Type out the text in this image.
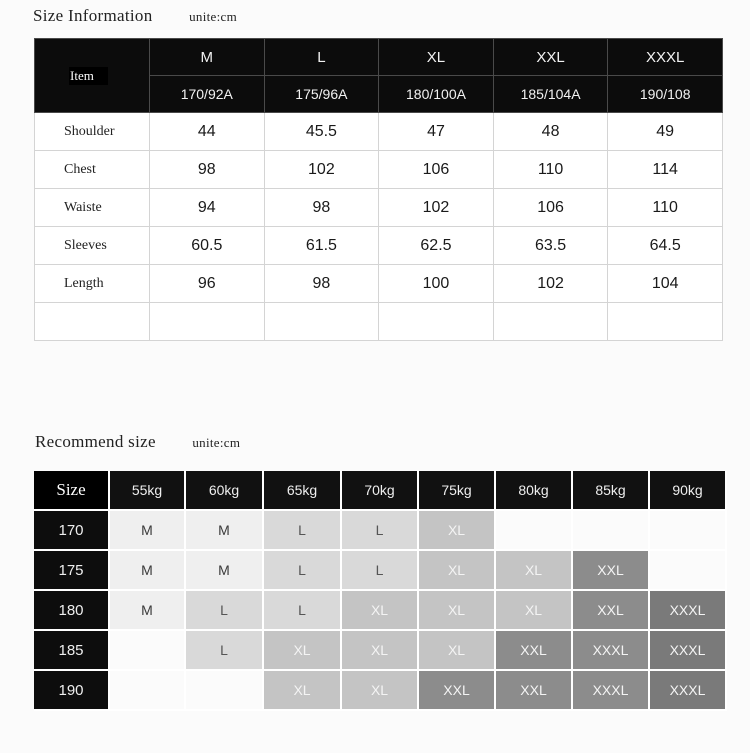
Size Information	unite:cm
Item	M	L	XL	XXL	XXXL
	170/92A	175/96A	180/100A	185/104A	190/108
Shoulder	44	45.5	47	48	49
Chest	98	102	106	110	114
Waiste	94	98	102	106	110
Sleeves	60.5	61.5	62.5	63.5	64.5
Length	96	98	100	102	104

Recommend size	unite:cm
Size	55kg	60kg	65kg	70kg	75kg	80kg	85kg	90kg
170	M	M	L	L	XL			
175	M	M	L	L	XL	XL	XXL	
180	M	L	L	XL	XL	XL	XXL	XXXL
185		L	XL	XL	XL	XXL	XXXL	XXXL
190			XL	XL	XXL	XXL	XXXL	XXXL
